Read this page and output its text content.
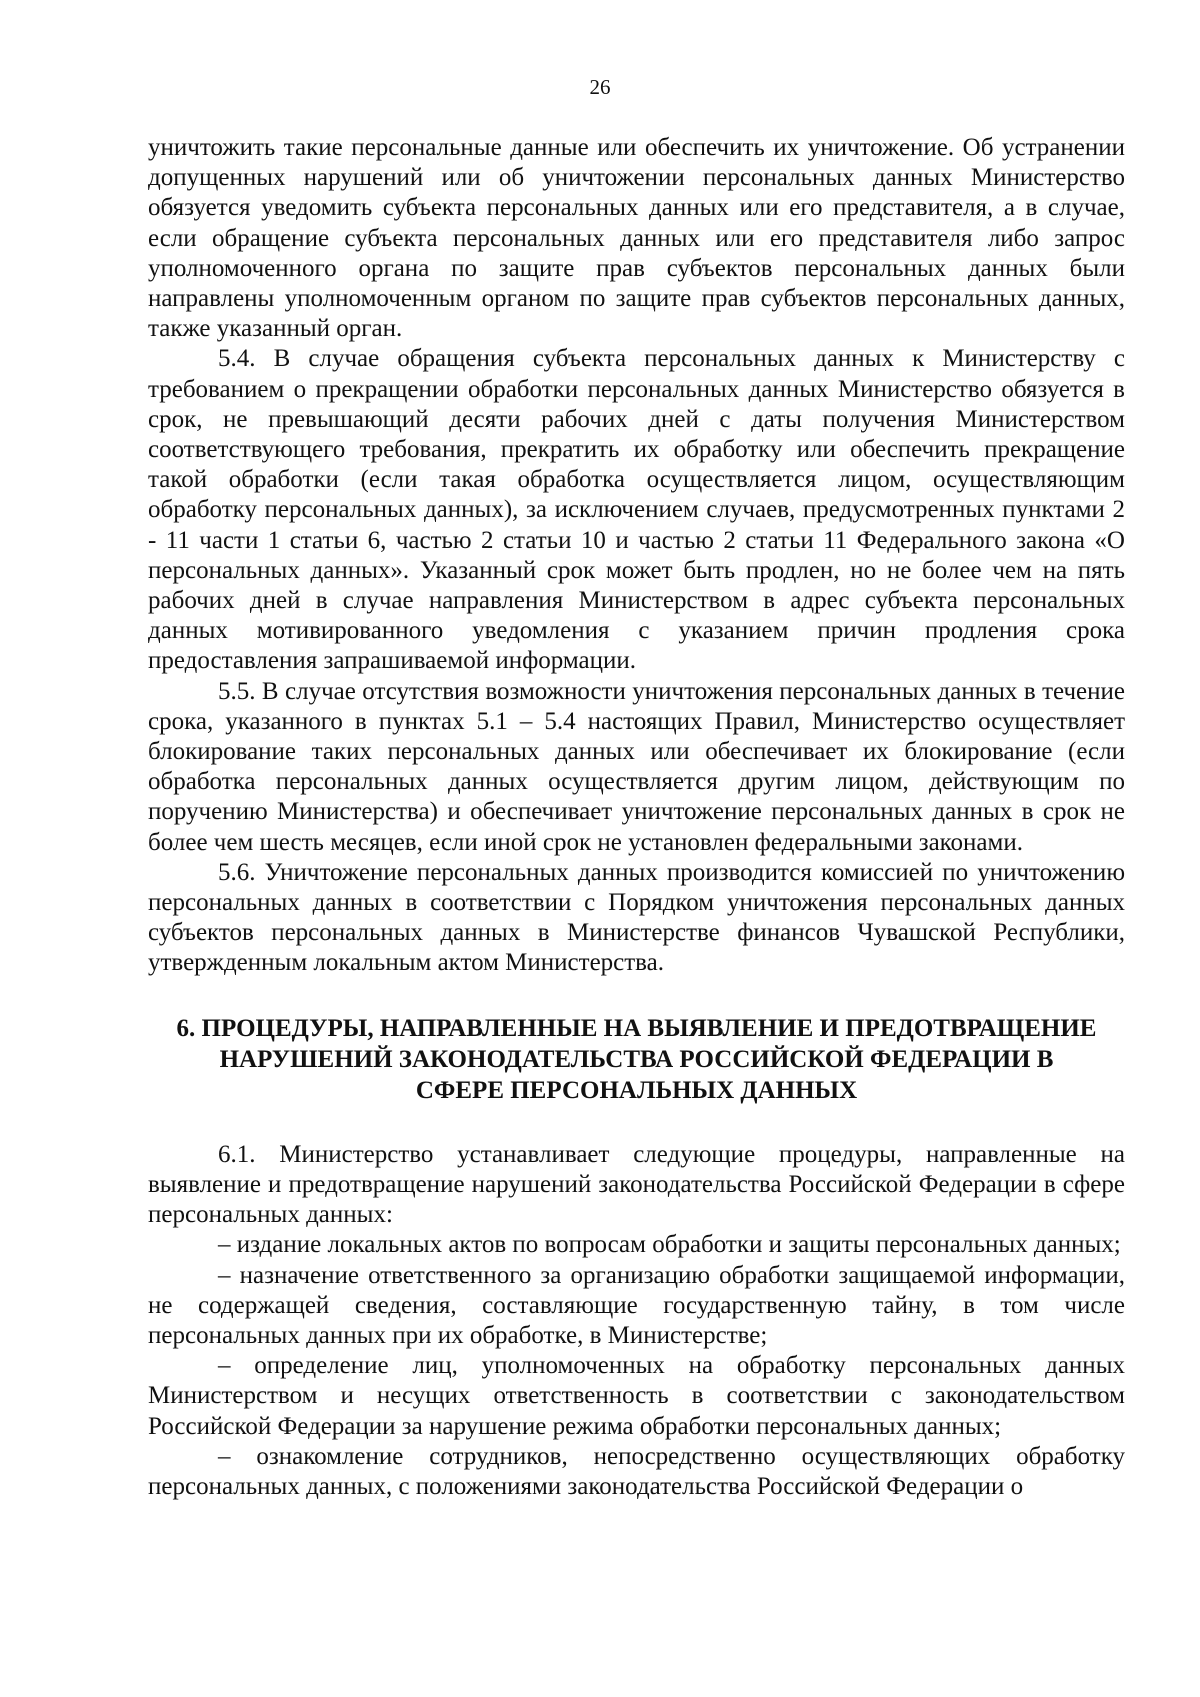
26

уничтожить такие персональные данные или обеспечить их уничтожение. Об устранении допущенных нарушений или об уничтожении персональных данных Министерство обязуется уведомить субъекта персональных данных или его представителя, а в случае, если обращение субъекта персональных данных или его представителя либо запрос уполномоченного органа по защите прав субъектов персональных данных были направлены уполномоченным органом по защите прав субъектов персональных данных, также указанный орган.

5.4. В случае обращения субъекта персональных данных к Министерству с требованием о прекращении обработки персональных данных Министерство обязуется в срок, не превышающий десяти рабочих дней с даты получения Министерством соответствующего требования, прекратить их обработку или обеспечить прекращение такой обработки (если такая обработка осуществляется лицом, осуществляющим обработку персональных данных), за исключением случаев, предусмотренных пунктами 2 - 11 части 1 статьи 6, частью 2 статьи 10 и частью 2 статьи 11 Федерального закона «О персональных данных». Указанный срок может быть продлен, но не более чем на пять рабочих дней в случае направления Министерством в адрес субъекта персональных данных мотивированного уведомления с указанием причин продления срока предоставления запрашиваемой информации.

5.5. В случае отсутствия возможности уничтожения персональных данных в течение срока, указанного в пунктах 5.1 – 5.4 настоящих Правил, Министерство осуществляет блокирование таких персональных данных или обеспечивает их блокирование (если обработка персональных данных осуществляется другим лицом, действующим по поручению Министерства) и обеспечивает уничтожение персональных данных в срок не более чем шесть месяцев, если иной срок не установлен федеральными законами.

5.6. Уничтожение персональных данных производится комиссией по уничтожению персональных данных в соответствии с Порядком уничтожения персональных данных субъектов персональных данных в Министерстве финансов Чувашской Республики, утвержденным локальным актом Министерства.

6. ПРОЦЕДУРЫ, НАПРАВЛЕННЫЕ НА ВЫЯВЛЕНИЕ И ПРЕДОТВРАЩЕНИЕ
НАРУШЕНИЙ ЗАКОНОДАТЕЛЬСТВА РОССИЙСКОЙ ФЕДЕРАЦИИ В
СФЕРЕ ПЕРСОНАЛЬНЫХ ДАННЫХ

6.1. Министерство устанавливает следующие процедуры, направленные на выявление и предотвращение нарушений законодательства Российской Федерации в сфере персональных данных:

– издание локальных актов по вопросам обработки и защиты персональных данных;

– назначение ответственного за организацию обработки защищаемой информации, не содержащей сведения, составляющие государственную тайну, в том числе персональных данных при их обработке, в Министерстве;

– определение лиц, уполномоченных на обработку персональных данных Министерством и несущих ответственность в соответствии с законодательством Российской Федерации за нарушение режима обработки персональных данных;

– ознакомление сотрудников, непосредственно осуществляющих обработку персональных данных, с положениями законодательства Российской Федерации о
